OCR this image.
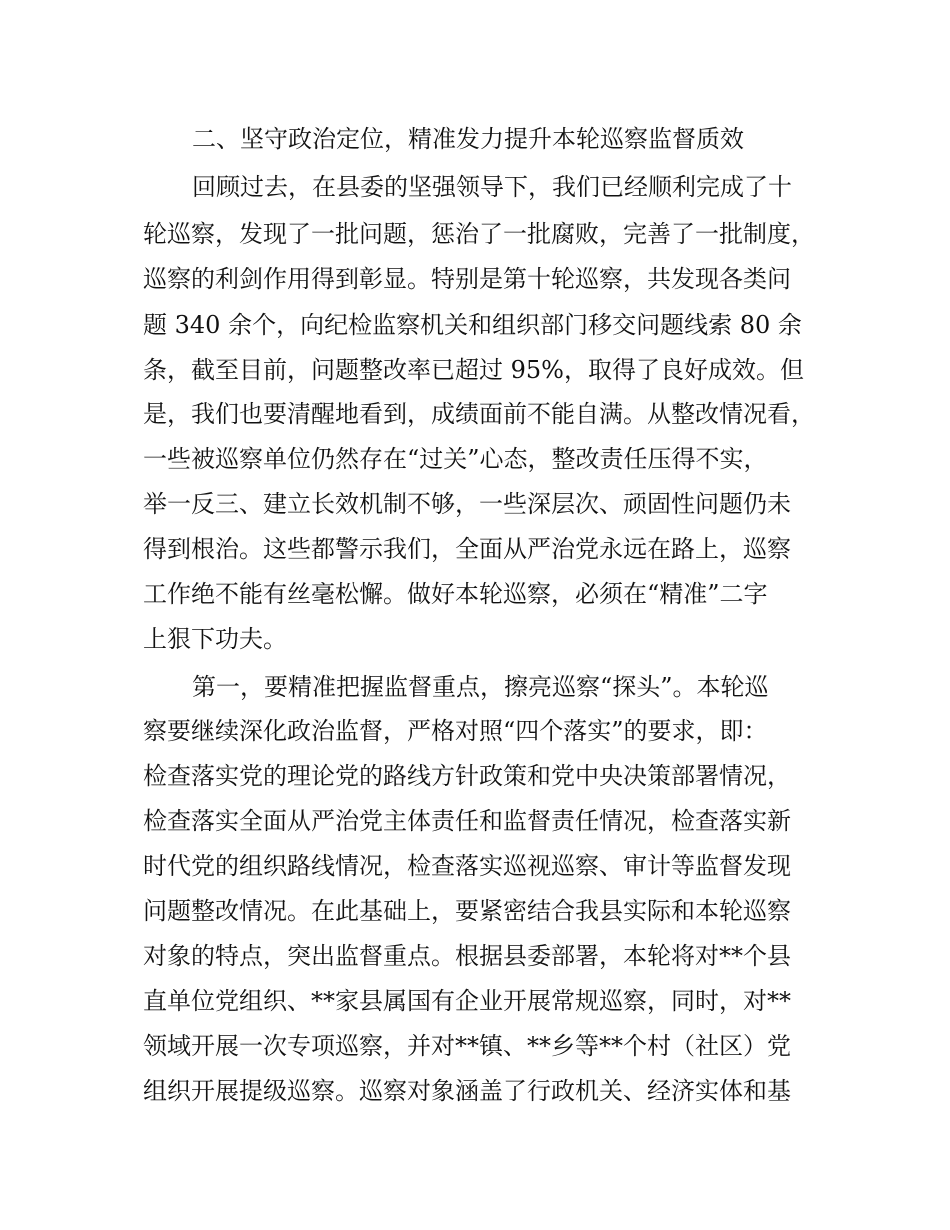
二、坚守政治定位，精准发力提升本轮巡察监督质效
回顾过去，在县委的坚强领导下，我们已经顺利完成了十
轮巡察，发现了一批问题，惩治了一批腐败，完善了一批制度，
巡察的利剑作用得到彰显。特别是第十轮巡察，共发现各类问
题 340 余个，向纪检监察机关和组织部门移交问题线索 80 余
条，截至目前，问题整改率已超过 95%，取得了良好成效。但
是，我们也要清醒地看到，成绩面前不能自满。从整改情况看，
一些被巡察单位仍然存在“过关”心态，整改责任压得不实，
举一反三、建立长效机制不够，一些深层次、顽固性问题仍未
得到根治。这些都警示我们，全面从严治党永远在路上，巡察
工作绝不能有丝毫松懈。做好本轮巡察，必须在“精准”二字
上狠下功夫。
第一，要精准把握监督重点，擦亮巡察“探头”。本轮巡
察要继续深化政治监督，严格对照“四个落实”的要求，即：
检查落实党的理论党的路线方针政策和党中央决策部署情况，
检查落实全面从严治党主体责任和监督责任情况，检查落实新
时代党的组织路线情况，检查落实巡视巡察、审计等监督发现
问题整改情况。在此基础上，要紧密结合我县实际和本轮巡察
对象的特点，突出监督重点。根据县委部署，本轮将对**个县
直单位党组织、**家县属国有企业开展常规巡察，同时，对**
领域开展一次专项巡察，并对**镇、**乡等**个村（社区）党
组织开展提级巡察。巡察对象涵盖了行政机关、经济实体和基
